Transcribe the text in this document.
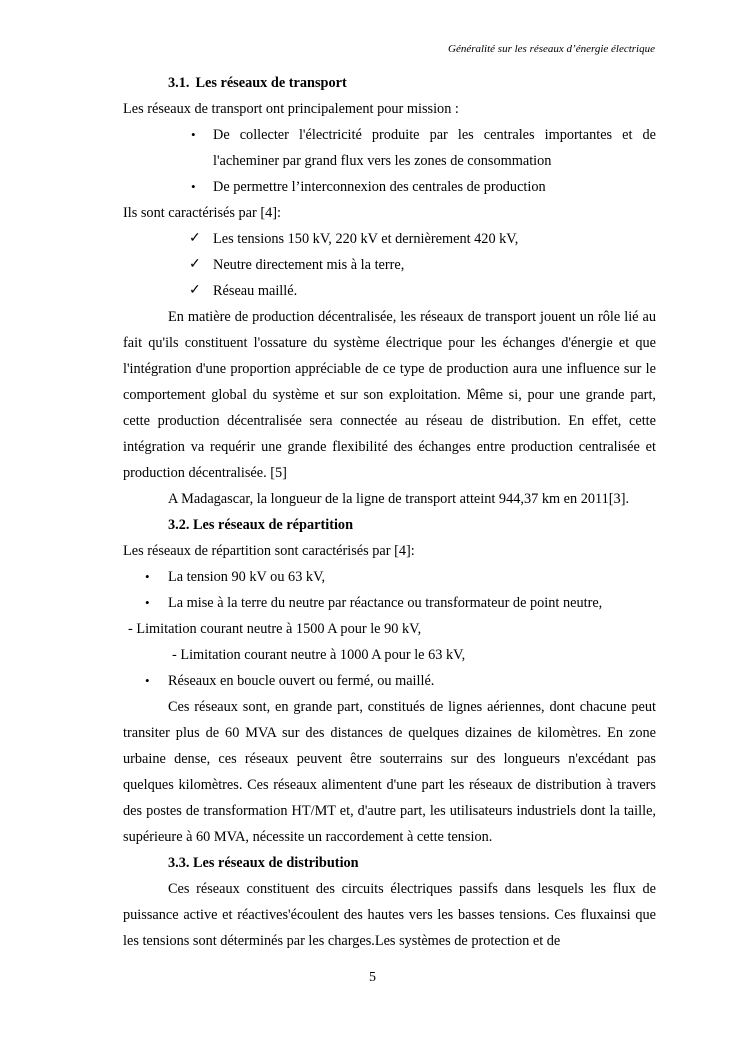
Généralité sur les réseaux d’énergie électrique
3.1. Les réseaux de transport

Les réseaux de transport ont principalement pour mission :

• De collecter l'électricité produite par les centrales importantes et de l'acheminer par grand flux vers les zones de consommation
• De permettre l’interconnexion des centrales de production

Ils sont caractérisés par [4]:

✓ Les tensions 150 kV, 220 kV et dernièrement 420 kV,
✓ Neutre directement mis à la terre,
✓ Réseau maillé.

En matière de production décentralisée, les réseaux de transport jouent un rôle lié au fait qu'ils constituent l'ossature du système électrique pour les échanges d'énergie et que l'intégration d'une proportion appréciable de ce type de production aura une influence sur le comportement global du système et sur son exploitation. Même si, pour une grande part, cette production décentralisée sera connectée au réseau de distribution. En effet, cette intégration va requérir une grande flexibilité des échanges entre production centralisée et production décentralisée. [5]

A Madagascar, la longueur de la ligne de transport atteint 944,37 km en 2011[3].

3.2. Les réseaux de répartition

Les réseaux de répartition sont caractérisés par [4]:

• La tension 90 kV ou 63 kV,
• La mise à la terre du neutre par réactance ou transformateur de point neutre,
- Limitation courant neutre à 1500 A pour le 90 kV,
- Limitation courant neutre à 1000 A pour le 63 kV,
• Réseaux en boucle ouvert ou fermé, ou maillé.

Ces réseaux sont, en grande part, constitués de lignes aériennes, dont chacune peut transiter plus de 60 MVA sur des distances de quelques dizaines de kilomètres. En zone urbaine dense, ces réseaux peuvent être souterrains sur des longueurs n'excédant pas quelques kilomètres. Ces réseaux alimentent d'une part les réseaux de distribution à travers des postes de transformation HT/MT et, d'autre part, les utilisateurs industriels dont la taille, supérieure à 60 MVA, nécessite un raccordement à cette tension.

3.3. Les réseaux de distribution

Ces réseaux constituent des circuits électriques passifs dans lesquels les flux de puissance active et réactives'écoulent des hautes vers les basses tensions. Ces fluxainsi que les tensions sont déterminés par les charges.Les systèmes de protection et de

5
